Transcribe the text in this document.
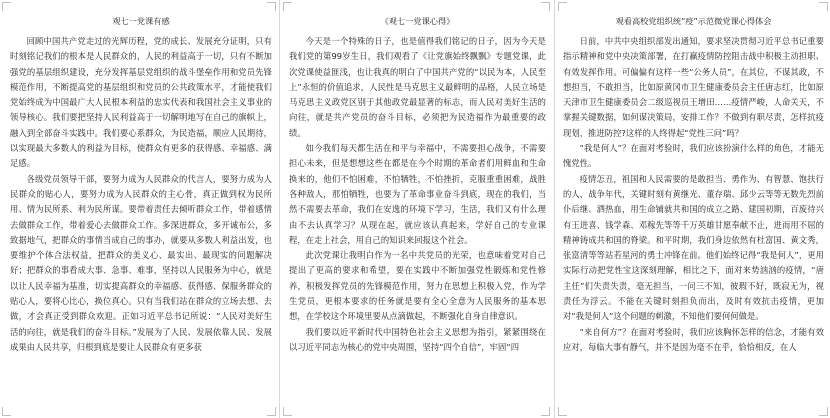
观七一党课有感

回顾中国共产党走过的光辉历程，党的成长、发展充分证明，只有时刻铭记我们的根本是人民群众的，人民的利益高于一切，只有不断加强党的基层组织建设，充分发挥基层党组织的战斗堡垒作用和党员先锋模范作用，不断提高党的基层组织和党员的公共政策水平，才能使我们党始终成为中国最广大人民根本利益的忠实代表和我国社会主义事业的领导核心。我们要把坚持人民利益高于一切解明地写在自己的旗帜上，融入到全部奋斗实践中。我们要心系群众，为民造福，顺应人民期待，以实现最大多数人的利益为目标，使群众有更多的获得感、幸福感、满足感。

各级党员领导干部，要努力成为人民群众的代言人，要努力成为人民群众的贴心人，要努力成为人民群众的主心骨，真正做到权为民所用、情为民所系、利为民所谋。要带着责任去倾听群众工作，带着感情去做群众工作，带着爱心去做群众工作。多深进群众，多开诚布公，多致据地气，把群众的事情当成自己的事办，就要从多数人利益出发，也要维护个体合法权益，把群众的美义心、最实出、最现实的问题解决好；把群众的事看成大事、急事、难事，坚持以人民服务为中心，就是以让人民幸福为基准，切实提高群众的幸福感、获得感、保服务群众的贴心人，要将心比心，换位真心。只有当我们站在群众的立场去想、去做，才会真正受到群众欢迎。正如习近平总书记所说：“人民对美好生活的向往，就是我们的奋斗目标。”发展为了人民、发展依靠人民、发展成果由人民共享，归根到底是要让人民群众有更多获

《观七一党课心得》

今天是一个特殊的日子，也是值得我们铭记的日子，因为今天是我们党的第99岁生日，我们观看了《让党旗始终飘飘》专题党课，此次党课使益匪浅，也让我真的明白了中国共产党的“以民为本，人民至上”永恒的价值追求，人民性是马克思主义最鲜明的品格，人民立场是马克思主义政党区别于其他政党最显著的标志，而人民对美好生活的向往，就是共产党员的奋斗目标，必须把为民造福作为最重要的政绩。

如今我们每天都生活在和平与幸福中，不需要担心战争，不需要担心未来，但是想想这些在都是在今个时期的革命者们用鲜血和生命换来的，他们不怕困难，不怕牺牲，不怕挫折，克服重重困难，战胜各种敌人，那怕牺牲，也要为了革命事业奋斗到底，现在的我们，当然不需要去革命，我们在安逸的环境下学习，生活，我们又有什么理由不去认真学习？从现在起，就应该认真起来，学好自己的专业课程，在走上社会，用自己的知识来回报这个社会。

此次党课让我明白作为一名中共党员的光荣，也意味着党对自己提出了更高的要求和希望，要在实践中不断加强党性锻炼和党性修养，积极发挥党员的先锋模范作用，努力在思想上积极入党，作为学生党员，更根本要求的任务就是要有全心全意为人民服务的基本思想，在学校这个环境里要从点滴做起，不断强化自身自律意识。

我们要以近平新时代中国特色社会主义思想为指引，紧紧围绕在以习近平同志为核心的党中央周围，坚持“四个自信”，牢固“四

观看高校党组织统“疫”示范微党课心得体会

日前，中共中央组织部发出通知，要求坚决贯彻习近平总书记重要指示精神和党中央决策部署，在打赢疫情防控阻击战中积极主动担职、有效发挥作用。可偏偏有这样一些“公务人员”，在其位，不谋其政，不想担当，不敢担当，比如原黄冈市卫生健康委员会主任唐志红，比如原天津市卫生健康委员会二级巡视员王增田……疫情严峻，人命关天，不掌握关键数据，如何谋决策局，安排工作？不做到有职尽责，怎样抗疫现划，推进防控?这样的人终得起“党性三问”吗？

“我是何人”？在面对考验时，我们应该扮演什么样的角色，才能无愧党性。

疫情怎丑，祖国和人民需要的是敢担当、勇作为、有智慧、饱扶行的人，战争年代，关键时刻有黄继光、董存瑞、邱少云等等无数先烈前仆后继、洒热血，用生命铺就共和国的成立之路、建国初期，百废待兴有王进喜、钱学森、邓稼先等等千万英雄甘愿奉献不止，进而用不屈的精神铸成共和国的脊梁。和平时期，我们身边依然有杜富国、黄文秀，张富清等等站若星河的勇士冲锋在前。他们始终记得“我是何人”，更用实际行动把党性宝这深刻理解，相比之下，面对来势汹汹的疫情，“唐主任”们失责失责，毫无担当，一问三不知，彼瑕不好，既寂无为，视责任为浮云。不能在关键时刻担负而出，及时有效抗击疫情，更加对“我是何人”这个问题的刺激，不知他们要何何做是。

“来自何方”？在面对考验时，我们应该胸怀怎样的信念，才能有效应对，每临大事有静气，并不是因为毫不在乎，恰恰相反，在人
